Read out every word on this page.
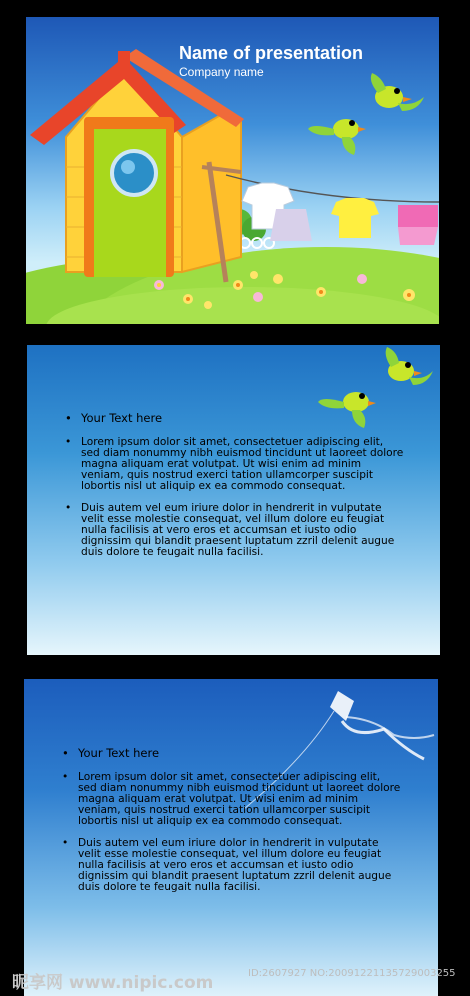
Name of presentation
Company name
• Your Text here
• Lorem ipsum dolor sit amet, consectetuer adipiscing elit, sed diam nonummy nibh euismod tincidunt ut laoreet dolore magna aliquam erat volutpat. Ut wisi enim ad minim veniam, quis nostrud exerci tation ullamcorper suscipit lobortis nisl ut aliquip ex ea commodo consequat.
• Duis autem vel eum iriure dolor in hendrerit in vulputate velit esse molestie consequat, vel illum dolore eu feugiat nulla facilisis at vero eros et accumsan et iusto odio dignissim qui blandit praesent luptatum zzril delenit augue duis dolore te feugait nulla facilisi.
• Your Text here
• Lorem ipsum dolor sit amet, consectetuer adipiscing elit, sed diam nonummy nibh euismod tincidunt ut laoreet dolore magna aliquam erat volutpat. Ut wisi enim ad minim veniam, quis nostrud exerci tation ullamcorper suscipit lobortis nisl ut aliquip ex ea commodo consequat.
• Duis autem vel eum iriure dolor in hendrerit in vulputate velit esse molestie consequat, vel illum dolore eu feugiat nulla facilisis at vero eros et accumsan et iusto odio dignissim qui blandit praesent luptatum zzril delenit augue duis dolore te feugait nulla facilisi.
昵享网 www.nipic.com	ID:2607927 NO:20091221135729003255
